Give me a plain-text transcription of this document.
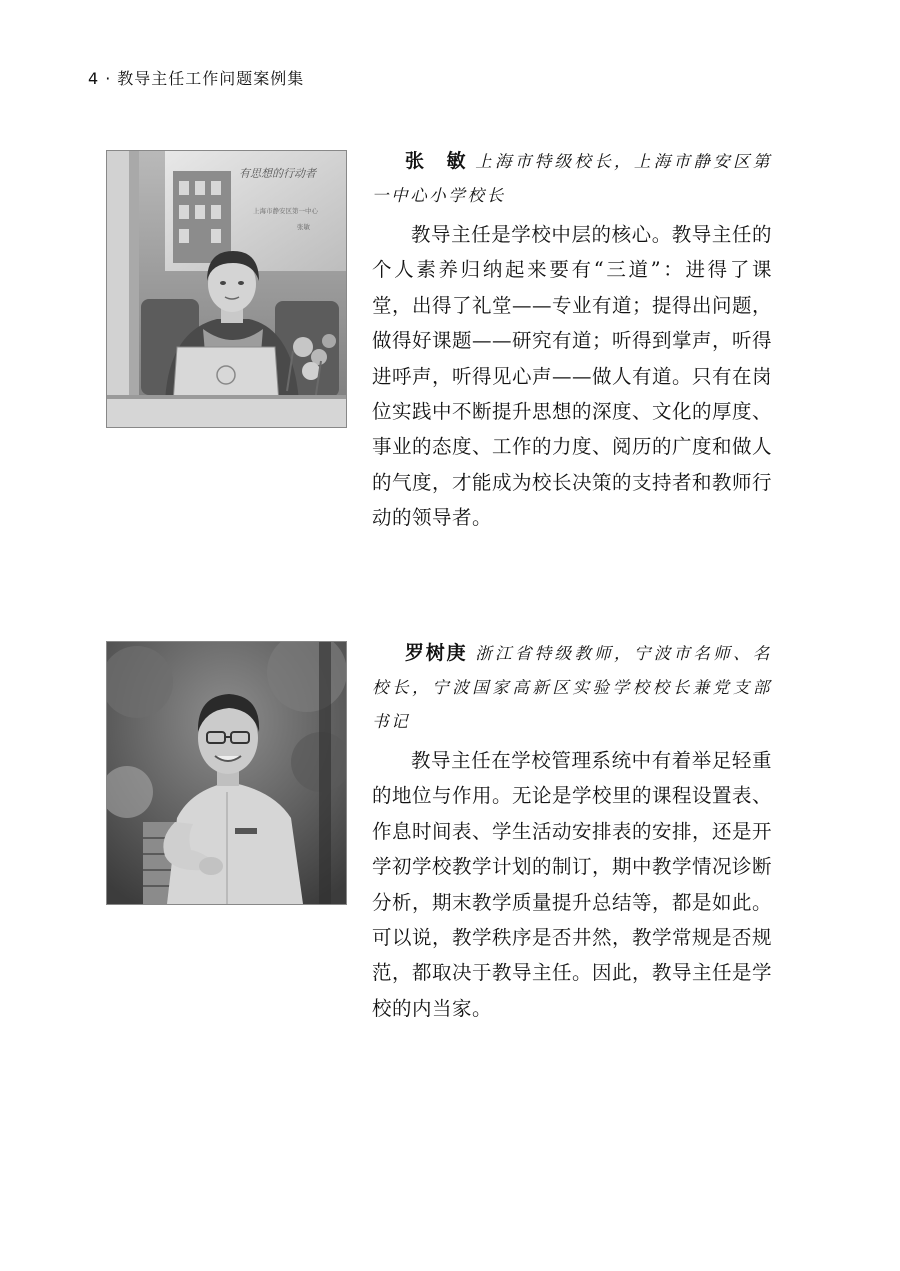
4 · 教导主任工作问题案例集
有思想的行动者
上海市静安区第一中心
张敏

张　敏 上海市特级校长，上海市静安区第一中心小学校长

教导主任是学校中层的核心。教导主任的个人素养归纳起来要有“三道”：进得了课堂，出得了礼堂——专业有道；提得出问题，做得好课题——研究有道；听得到掌声，听得进呼声，听得见心声——做人有道。只有在岗位实践中不断提升思想的深度、文化的厚度、事业的态度、工作的力度、阅历的广度和做人的气度，才能成为校长决策的支持者和教师行动的领导者。

罗树庚 浙江省特级教师，宁波市名师、名校长，宁波国家高新区实验学校校长兼党支部书记

教导主任在学校管理系统中有着举足轻重的地位与作用。无论是学校里的课程设置表、作息时间表、学生活动安排表的安排，还是开学初学校教学计划的制订，期中教学情况诊断分析，期末教学质量提升总结等，都是如此。可以说，教学秩序是否井然，教学常规是否规范，都取决于教导主任。因此，教导主任是学校的内当家。
